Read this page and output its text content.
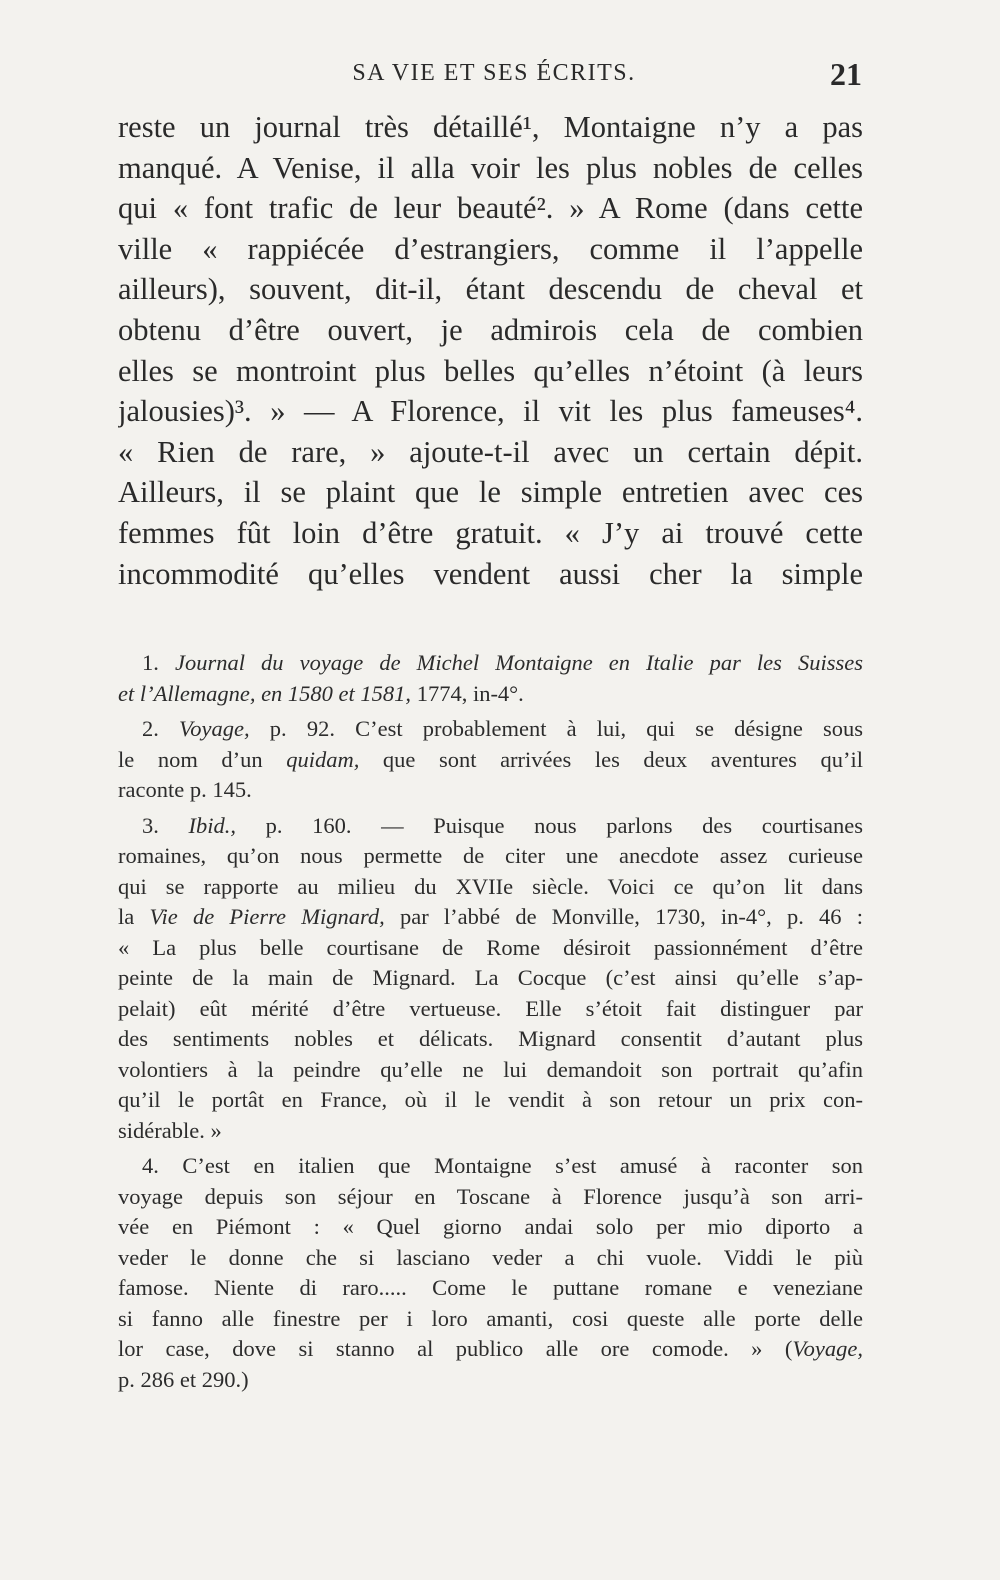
SA VIE ET SES ÉCRITS.	21
reste un journal très détaillé¹, Montaigne n’y a pas
manqué. A Venise, il alla voir les plus nobles de celles
qui « font trafic de leur beauté². » A Rome (dans cette
ville « rappiécée d’estrangiers, comme il l’appelle
ailleurs), souvent, dit-il, étant descendu de cheval et
obtenu d’être ouvert, je admirois cela de combien
elles se montroint plus belles qu’elles n’étoint (à leurs
jalousies)³. » — A Florence, il vit les plus fameuses⁴.
« Rien de rare, » ajoute-t-il avec un certain dépit.
Ailleurs, il se plaint que le simple entretien avec ces
femmes fût loin d’être gratuit. « J’y ai trouvé cette
incommodité qu’elles vendent aussi cher la simple
1. Journal du voyage de Michel Montaigne en Italie par les Suisses
et l’Allemagne, en 1580 et 1581, 1774, in-4°.
2. Voyage, p. 92. C’est probablement à lui, qui se désigne sous
le nom d’un quidam, que sont arrivées les deux aventures qu’il
raconte p. 145.
3. Ibid., p. 160. — Puisque nous parlons des courtisanes
romaines, qu’on nous permette de citer une anecdote assez curieuse
qui se rapporte au milieu du XVIIe siècle. Voici ce qu’on lit dans
la Vie de Pierre Mignard, par l’abbé de Monville, 1730, in-4°, p. 46 :
« La plus belle courtisane de Rome désiroit passionnément d’être
peinte de la main de Mignard. La Cocque (c’est ainsi qu’elle s’ap-
pelait) eût mérité d’être vertueuse. Elle s’étoit fait distinguer par
des sentiments nobles et délicats. Mignard consentit d’autant plus
volontiers à la peindre qu’elle ne lui demandoit son portrait qu’afin
qu’il le portât en France, où il le vendit à son retour un prix con-
sidérable. »
4. C’est en italien que Montaigne s’est amusé à raconter son
voyage depuis son séjour en Toscane à Florence jusqu’à son arri-
vée en Piémont : « Quel giorno andai solo per mio diporto a
veder le donne che si lasciano veder a chi vuole. Viddi le più
famose. Niente di raro..... Come le puttane romane e veneziane
si fanno alle finestre per i loro amanti, cosi queste alle porte delle
lor case, dove si stanno al publico alle ore comode. » (Voyage,
p. 286 et 290.)
